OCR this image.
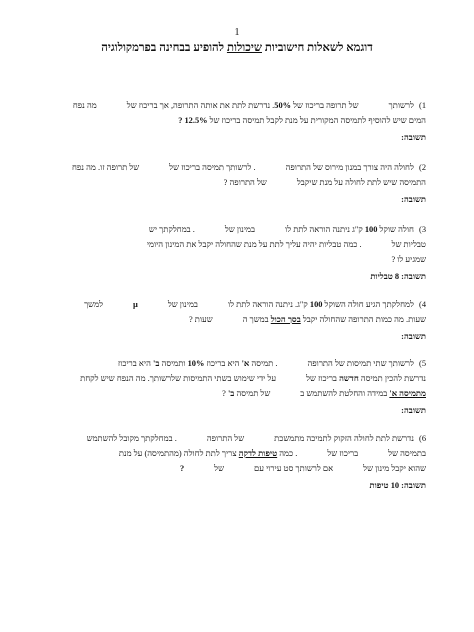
1
דוגמא לשאלות חישוביות שיכולות להופיע בבחינה בפרמקולוגיה
1) לרשותךשל תרופה בריכוז של 50%. נדרשת לתת את אותה התרופה, אך בריכוז שלמה נפח
המים שיש להוסיף לתמיסה המקורית על מנת לקבל תמיסה בריכוז של 12.5% ?
תשובה:
2) לחולה היה צורך במנון מירוס של התרופה. לרשותך תמיסה בריכוז שלשל תרופה זו. מה נפח
התמיסה שיש לתת לחולה על מנת שיקבלשל התרופה ?
תשובה:
3) חולה שוקל 100 ק"ג ניתנה הוראה לתת לובמינון של. במחלקתך יש
טבליות של. כמה טבליות יהיה עליך לתת על מנת שהחולה יקבל את המינון היומי
שמגיע לו ?
תשובה: 8 טבליות
4) למחלקתך הגיע חולה השוקל 100 ק"ג. ניתנה הוראה לתת לובמינון שלµלמשך
שעות. מה כמות התרופה שהחולה יקבל בסך הכול במשך השעות ?
תשובה:
5) לרשותך שתי תמיסות של התרופה. תמיסה א' היא בריכוז 10% ותמיסה ב' היא בריכוז
נדרשת להכין תמיסה חדשה בריכוז שלעל ידי שימוש בשתי התמיסות שלרשותך. מה הנפח שיש לקחת
מתמיסה א' במידה והחלטת להשתמש בשל תמיסה ב' ?
תשובה:
6) נדרשת לתת לחולה הזקוק לתמיכה מתמשכתשל התרופה. במחלקתך מקובל להשתמש
בתמיסה שלבריכוז של. כמה טיפות לדקה צריך לתת לחולה (מהתמיסה) על מנת
שהוא יקבל מינון שלאם לרשותך סט עירוי עםשל?
תשובה: 10 טיפות
